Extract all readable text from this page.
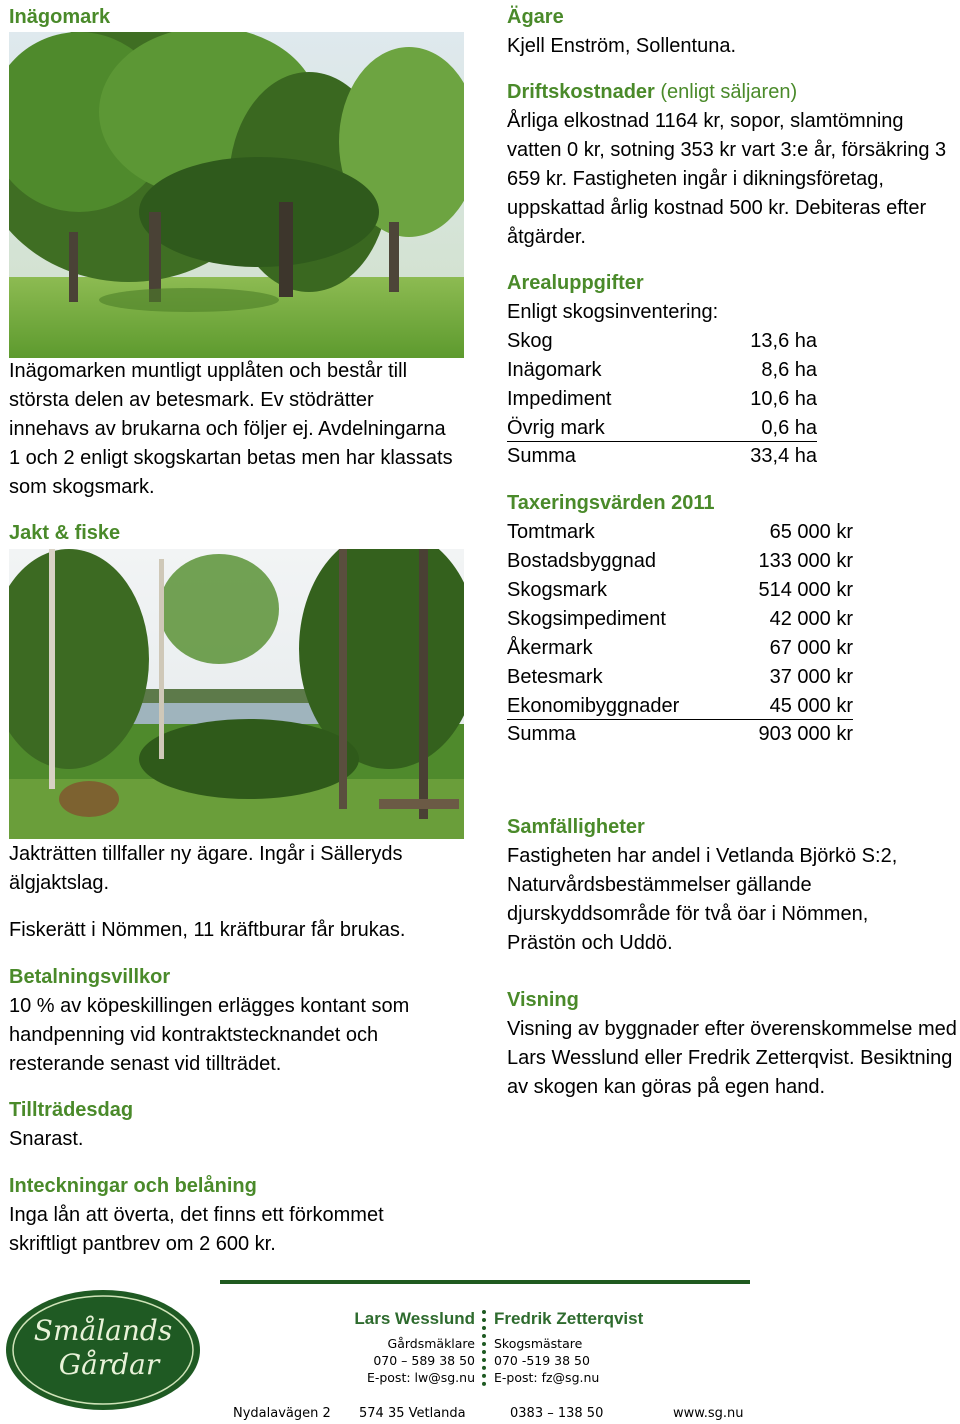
Inägomark

Inägomarken muntligt upplåten och består till största delen av betesmark. Ev stödrätter innehavs av brukarna och följer ej. Avdelningarna 1 och 2 enligt skogskartan betas men har klassats som skogsmark.

Jakt & fiske

Jakträtten tillfaller ny ägare. Ingår i Sälleryds älgjaktslag.

Fiskerätt i Nömmen, 11 kräftburar får brukas.

Betalningsvillkor

10 % av köpeskillingen erlägges kontant som handpenning vid kontraktstecknandet och resterande senast vid tillträdet.

Tillträdesdag

Snarast.

Inteckningar och belåning

Inga lån att överta, det finns ett förkommet skriftligt pantbrev om 2 600 kr.

Ägare

Kjell Enström, Sollentuna.

Driftskostnader (enligt säljaren)

Årliga elkostnad 1164 kr, sopor, slamtömning vatten 0 kr, sotning 353 kr vart 3:e år, försäkring 3 659 kr. Fastigheten ingår i dikningsföretag, uppskattad årlig kostnad 500 kr. Debiteras efter åtgärder.

Arealuppgifter

Enligt skogsinventering:

Skog	13,6 ha
Inägomark	8,6 ha
Impediment	10,6 ha
Övrig mark	0,6 ha
Summa	33,4 ha

Taxeringsvärden 2011

Tomtmark	65 000 kr
Bostadsbyggnad	133 000 kr
Skogsmark	514 000 kr
Skogsimpediment	42 000 kr
Åkermark	67 000 kr
Betesmark	37 000 kr
Ekonomibyggnader	45 000 kr
Summa	903 000 kr

Samfälligheter

Fastigheten har andel i Vetlanda Björkö S:2, Naturvårdsbestämmelser gällande djurskyddsområde för två öar i Nömmen, Prästön och Uddö.

Visning

Visning av byggnader efter överenskommelse med Lars Wesslund eller Fredrik Zetterqvist. Besiktning av skogen kan göras på egen hand.

Smålands
Gårdar
Lars Wesslund
Gårdsmäklare
070 – 589 38 50
E-post: lw@sg.nu
Fredrik Zetterqvist
Skogsmästare
070 -519 38 50
E-post: fz@sg.nu
Nydalavägen 2 574 35 Vetlanda	0383 – 138 50	www.sg.nu
